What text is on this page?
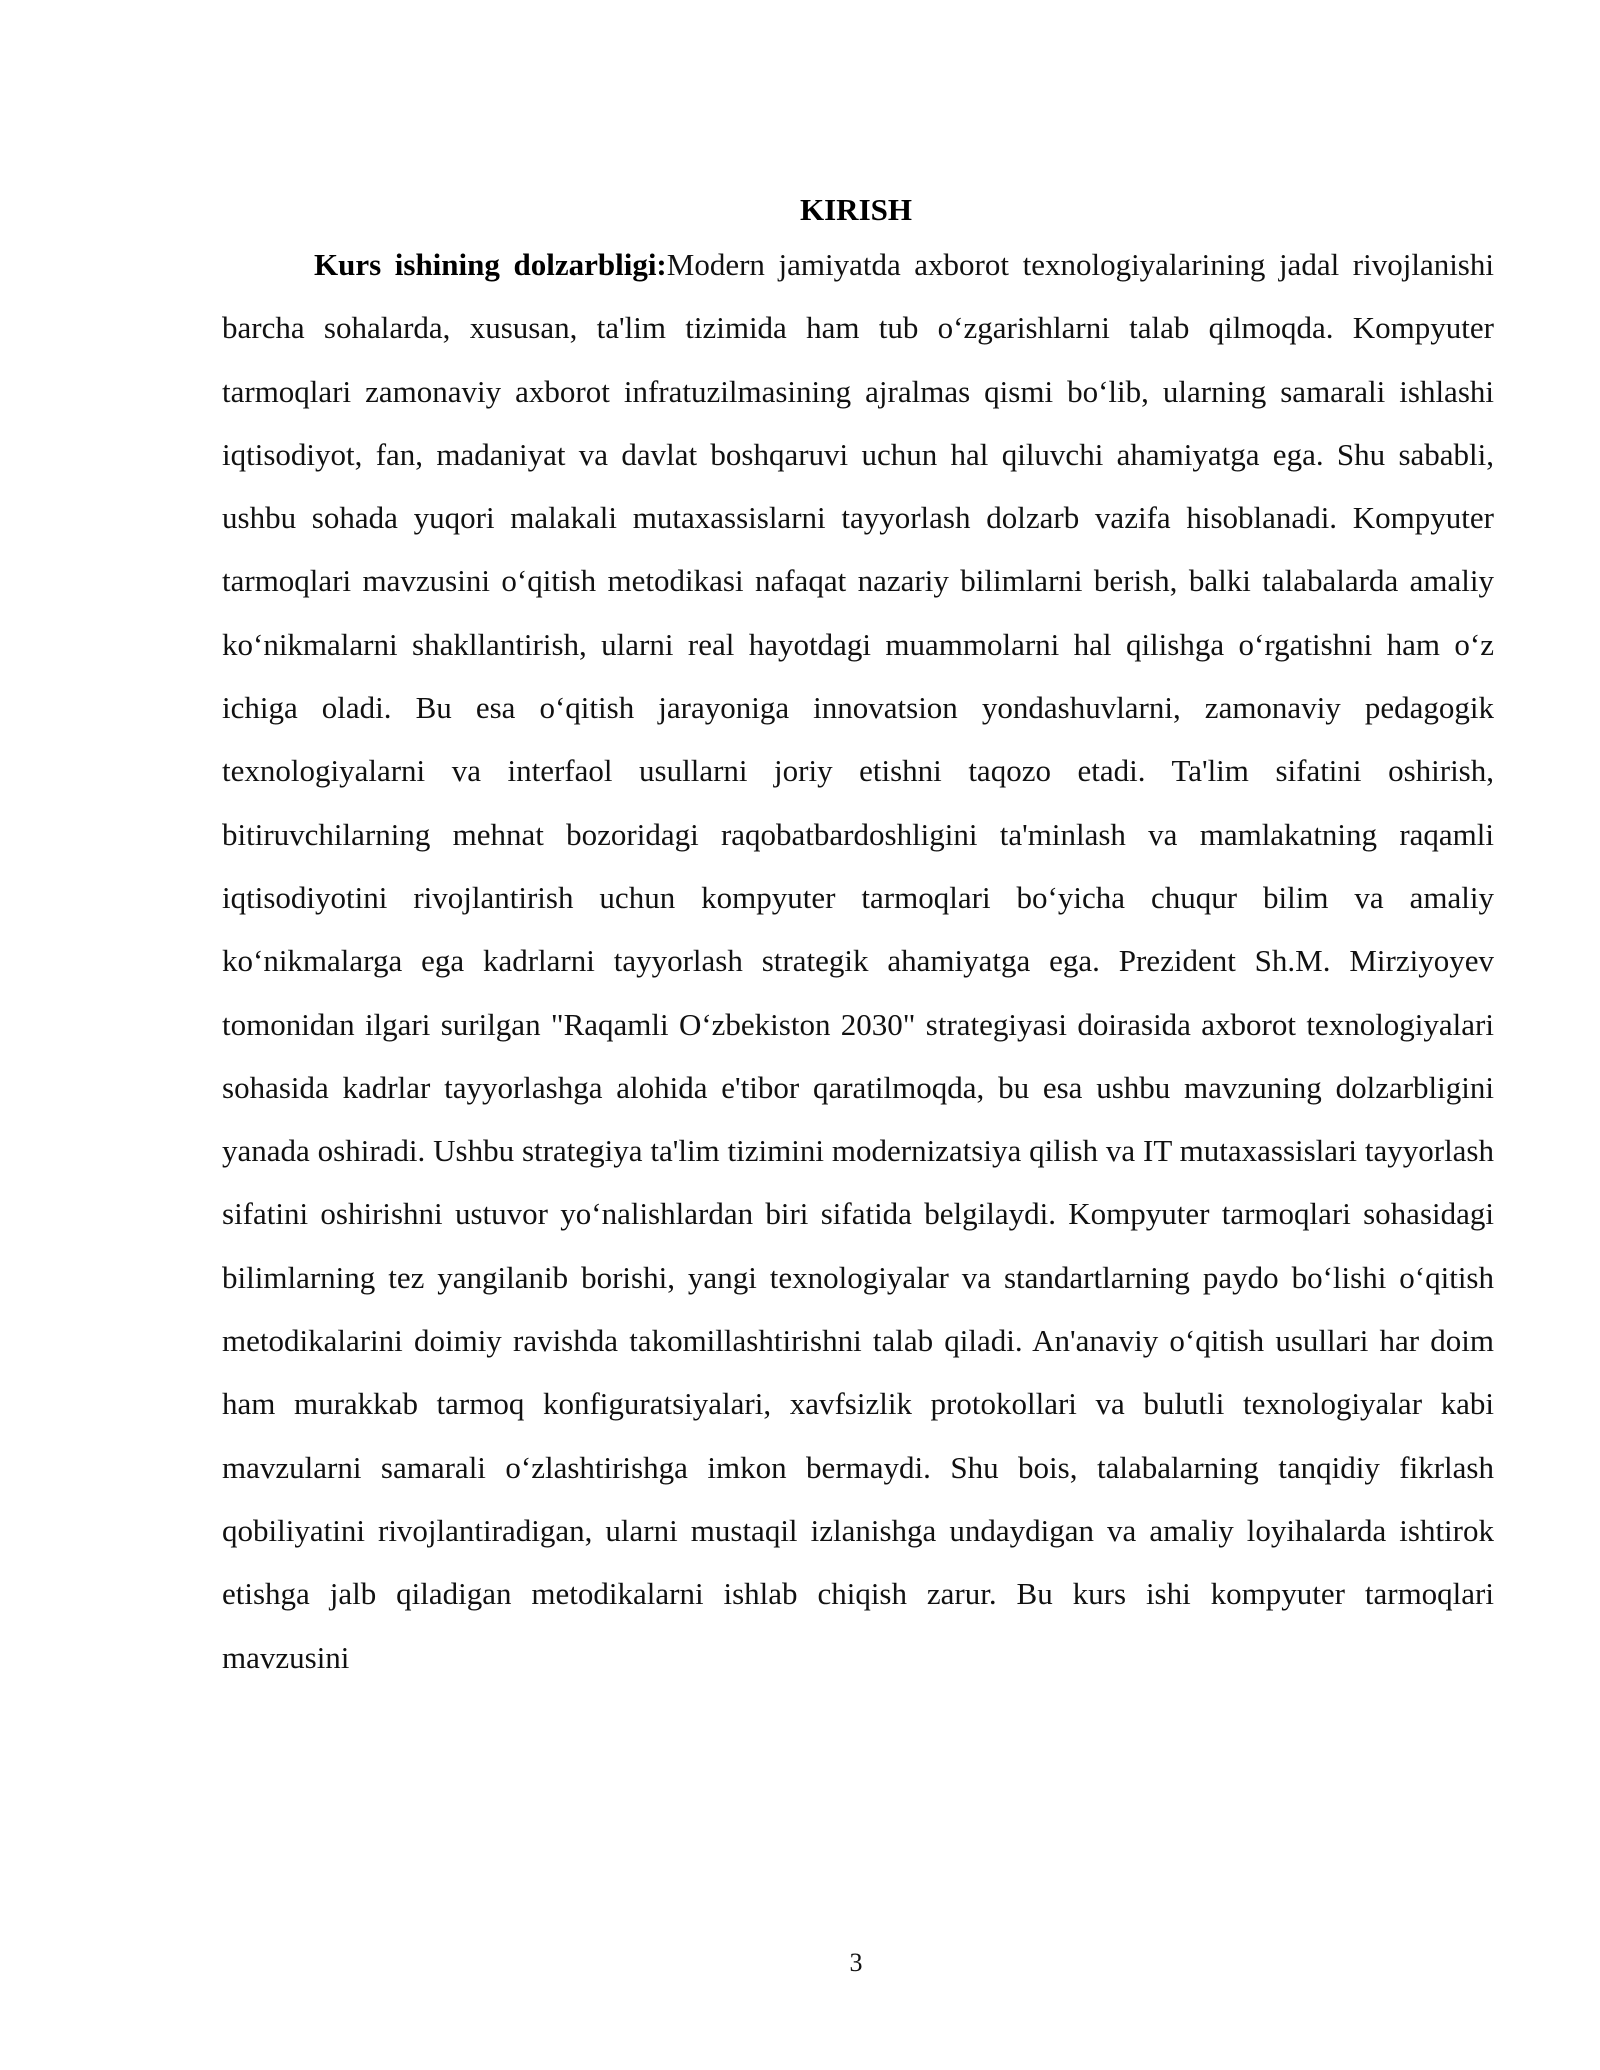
KIRISH

Kurs ishining dolzarbligi:Modern jamiyatda axborot texnologiyalarining jadal rivojlanishi barcha sohalarda, xususan, ta'lim tizimida ham tub oʻzgarishlarni talab qilmoqda. Kompyuter tarmoqlari zamonaviy axborot infratuzilmasining ajralmas qismi boʻlib, ularning samarali ishlashi iqtisodiyot, fan, madaniyat va davlat boshqaruvi uchun hal qiluvchi ahamiyatga ega. Shu sababli, ushbu sohada yuqori malakali mutaxassislarni tayyorlash dolzarb vazifa hisoblanadi. Kompyuter tarmoqlari mavzusini oʻqitish metodikasi nafaqat nazariy bilimlarni berish, balki talabalarda amaliy koʻnikmalarni shakllantirish, ularni real hayotdagi muammolarni hal qilishga oʻrgatishni ham oʻz ichiga oladi. Bu esa oʻqitish jarayoniga innovatsion yondashuvlarni, zamonaviy pedagogik texnologiyalarni va interfaol usullarni joriy etishni taqozo etadi. Ta'lim sifatini oshirish, bitiruvchilarning mehnat bozoridagi raqobatbardoshligini ta'minlash va mamlakatning raqamli iqtisodiyotini rivojlantirish uchun kompyuter tarmoqlari boʻyicha chuqur bilim va amaliy koʻnikmalarga ega kadrlarni tayyorlash strategik ahamiyatga ega. Prezident Sh.M. Mirziyoyev tomonidan ilgari surilgan "Raqamli Oʻzbekiston 2030" strategiyasi doirasida axborot texnologiyalari sohasida kadrlar tayyorlashga alohida e'tibor qaratilmoqda, bu esa ushbu mavzuning dolzarbligini yanada oshiradi. Ushbu strategiya ta'lim tizimini modernizatsiya qilish va IT mutaxassislari tayyorlash sifatini oshirishni ustuvor yoʻnalishlardan biri sifatida belgilaydi. Kompyuter tarmoqlari sohasidagi bilimlarning tez yangilanib borishi, yangi texnologiyalar va standartlarning paydo boʻlishi oʻqitish metodikalarini doimiy ravishda takomillashtirishni talab qiladi. An'anaviy oʻqitish usullari har doim ham murakkab tarmoq konfiguratsiyalari, xavfsizlik protokollari va bulutli texnologiyalar kabi mavzularni samarali oʻzlashtirishga imkon bermaydi. Shu bois, talabalarning tanqidiy fikrlash qobiliyatini rivojlantiradigan, ularni mustaqil izlanishga undaydigan va amaliy loyihalarda ishtirok etishga jalb qiladigan metodikalarni ishlab chiqish zarur. Bu kurs ishi kompyuter tarmoqlari mavzusini

3
